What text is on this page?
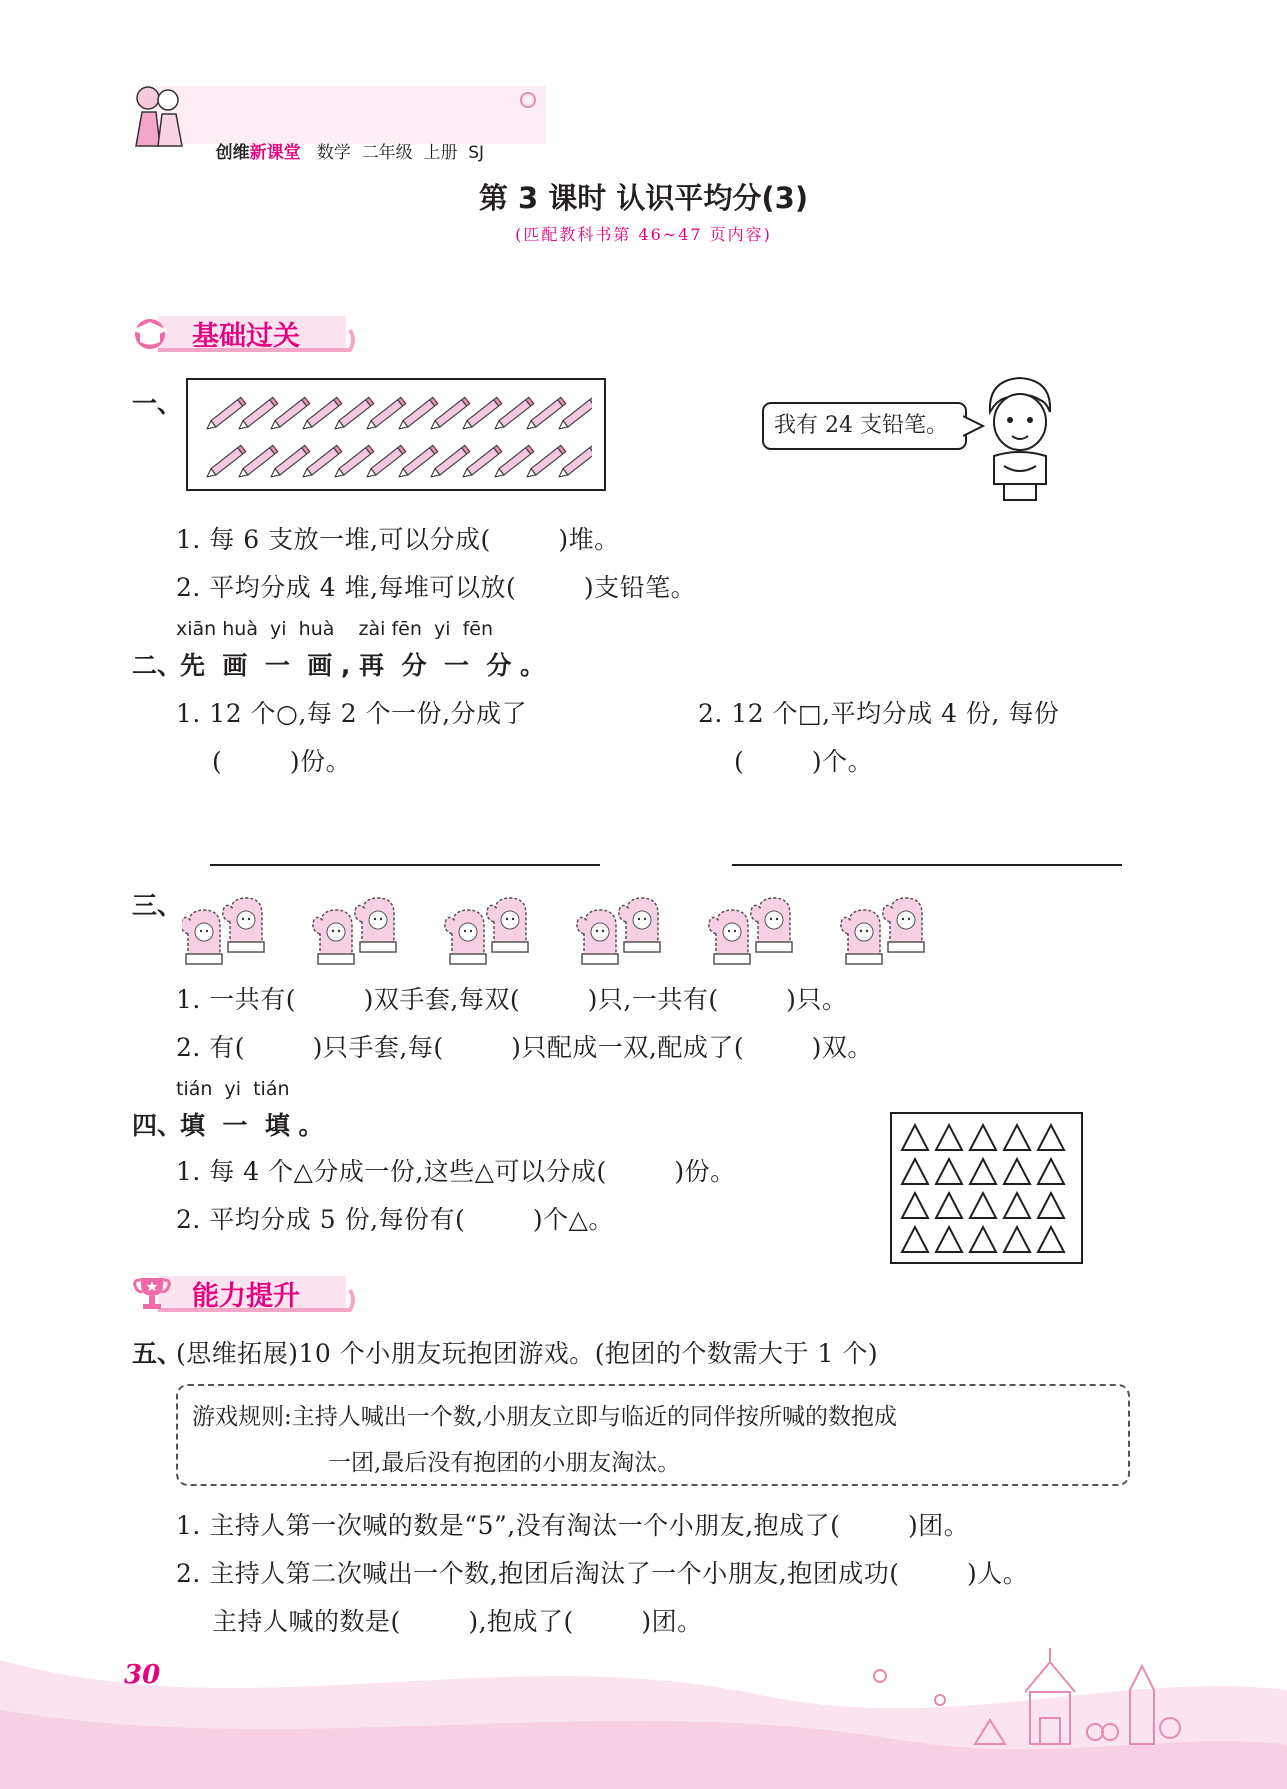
创维新课堂 数学  二年级  上册  SJ

第 3 课时 认识平均分(3)
(匹配教科书第 46~47 页内容)
基础过关
一、
我有 24 支铅笔。
1. 每 6 支放一堆,可以分成(        )堆。
2. 平均分成 4 堆,每堆可以放(        )支铅笔。
xiān huà  yi  huà    zài fēn  yi  fēn
二、
先  画  一  画 , 再  分  一  分 。
1. 12 个○,每 2 个一份,分成了
(        )份。
2. 12 个□,平均分成 4 份, 每份
(        )个。
三、
1. 一共有(        )双手套,每双(        )只,一共有(        )只。
2. 有(        )只手套,每(        )只配成一双,配成了(        )双。
tián  yi  tián
四、
填  一  填 。
1. 每 4 个△分成一份,这些△可以分成(        )份。
2. 平均分成 5 份,每份有(        )个△。
能力提升
五、
(思维拓展)10 个小朋友玩抱团游戏。(抱团的个数需大于 1 个)
游戏规则:主持人喊出一个数,小朋友立即与临近的同伴按所喊的数抱成
一团,最后没有抱团的小朋友淘汰。
1. 主持人第一次喊的数是“5”,没有淘汰一个小朋友,抱成了(        )团。
2. 主持人第二次喊出一个数,抱团后淘汰了一个小朋友,抱团成功(        )人。
主持人喊的数是(        ),抱成了(        )团。
30
